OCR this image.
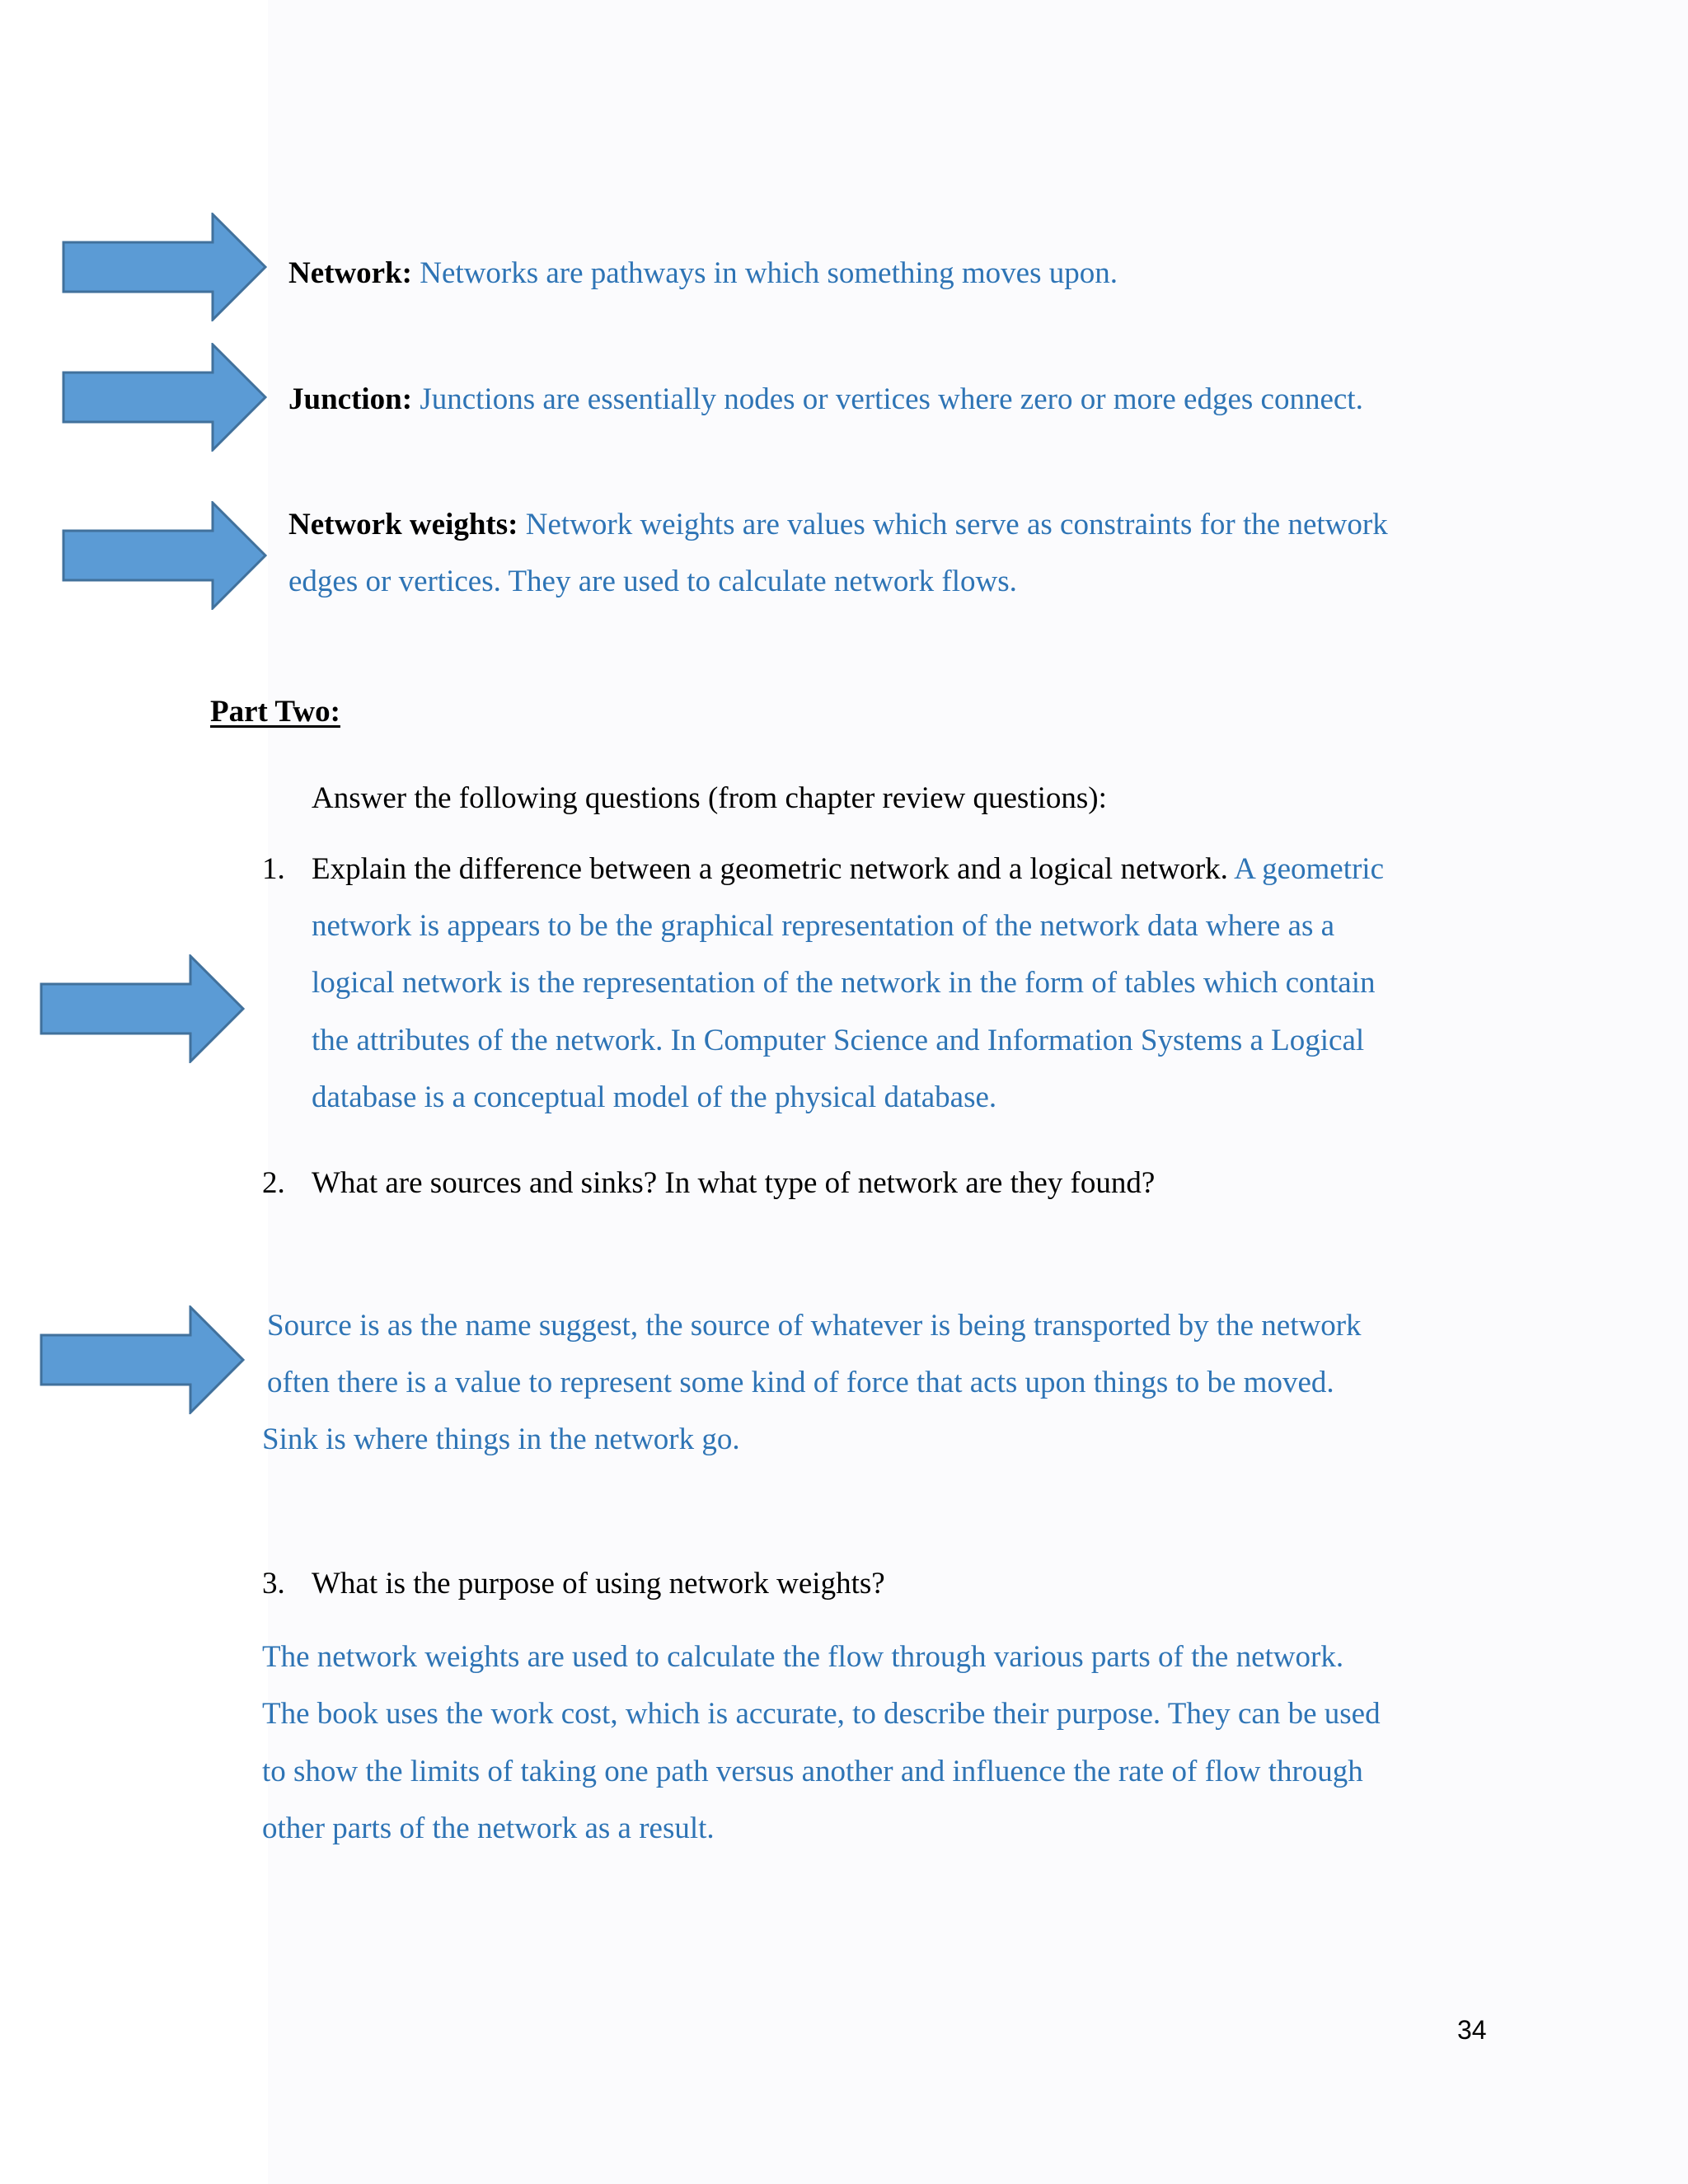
Network: Networks are pathways in which something moves upon.
Junction: Junctions are essentially nodes or vertices where zero or more edges connect.
Network weights: Network weights are values which serve as constraints for the network
edges or vertices. They are used to calculate network flows.
Part Two:
Answer the following questions (from chapter review questions):
1. Explain the difference between a geometric network and a logical network. A geometric
network is appears to be the graphical representation of the network data where as a
logical network is the representation of the network in the form of tables which contain
the attributes of the network. In Computer Science and Information Systems a Logical
database is a conceptual model of the physical database.
2. What are sources and sinks? In what type of network are they found?
Source is as the name suggest, the source of whatever is being transported by the network
often there is a value to represent some kind of force that acts upon things to be moved.
Sink is where things in the network go.
3. What is the purpose of using network weights?
The network weights are used to calculate the flow through various parts of the network.
The book uses the work cost, which is accurate, to describe their purpose. They can be used
to show the limits of taking one path versus another and influence the rate of flow through
other parts of the network as a result.
34
